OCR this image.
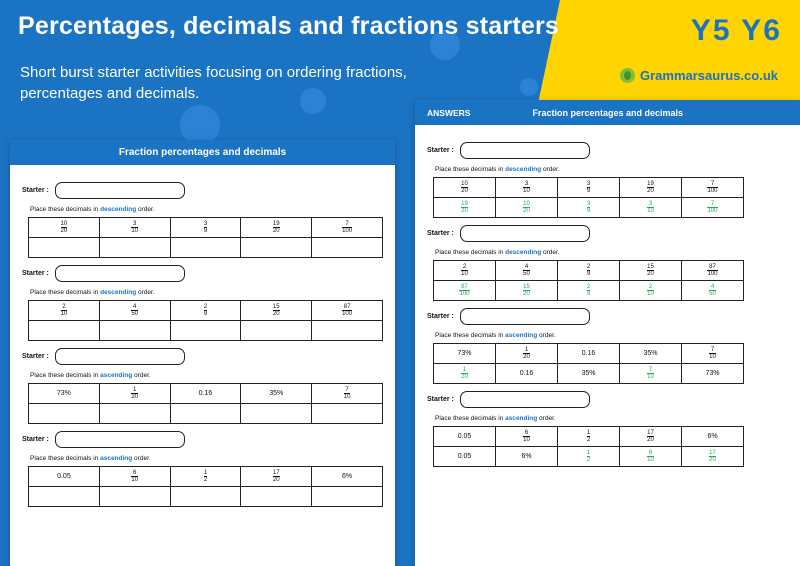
Percentages, decimals and fractions starters
Short burst starter activities focusing on ordering fractions, percentages and decimals.
Y5 Y6
Grammarsaurus.co.uk
Fraction percentages and decimals
Starter :
Place these decimals in descending order.
$\frac{10}{20}$	$\frac{3}{10}$	$\frac{3}{9}$	$\frac{19}{20}$	$\frac{7}{100}$

Starter :
Place these decimals in descending order.
$\frac{2}{10}$	$\frac{4}{50}$	$\frac{2}{9}$	$\frac{15}{20}$	$\frac{87}{100}$

Starter :
Place these decimals in ascending order.
73%	$\frac{1}{20}$	0.16	35%	$\frac{7}{10}$

Starter :
Place these decimals in ascending order.
0.05	$\frac{6}{10}$	$\frac{1}{2}$	$\frac{17}{20}$	6%

ANSWERS	Fraction percentages and decimals
Starter :
Place these decimals in descending order.
$\frac{10}{20}$	$\frac{3}{10}$	$\frac{3}{9}$	$\frac{19}{20}$	$\frac{7}{100}$

$\frac{19}{20}$	$\frac{10}{20}$	$\frac{3}{9}$	$\frac{3}{10}$	$\frac{7}{100}$
Starter :
Place these decimals in descending order.
$\frac{2}{10}$	$\frac{4}{50}$	$\frac{2}{9}$	$\frac{15}{20}$	$\frac{87}{100}$

$\frac{87}{100}$	$\frac{15}{20}$	$\frac{2}{9}$	$\frac{2}{10}$	$\frac{4}{50}$
Starter :
Place these decimals in ascending order.
73%	$\frac{1}{20}$	0.16	35%	$\frac{7}{10}$

$\frac{1}{20}$	0.16	35%	$\frac{7}{10}$	73%
Starter :
Place these decimals in ascending order.
0.05	$\frac{6}{10}$	$\frac{1}{2}$	$\frac{17}{20}$	6%
0.05	6%	$\frac{1}{2}$	$\frac{6}{10}$	$\frac{17}{20}$
